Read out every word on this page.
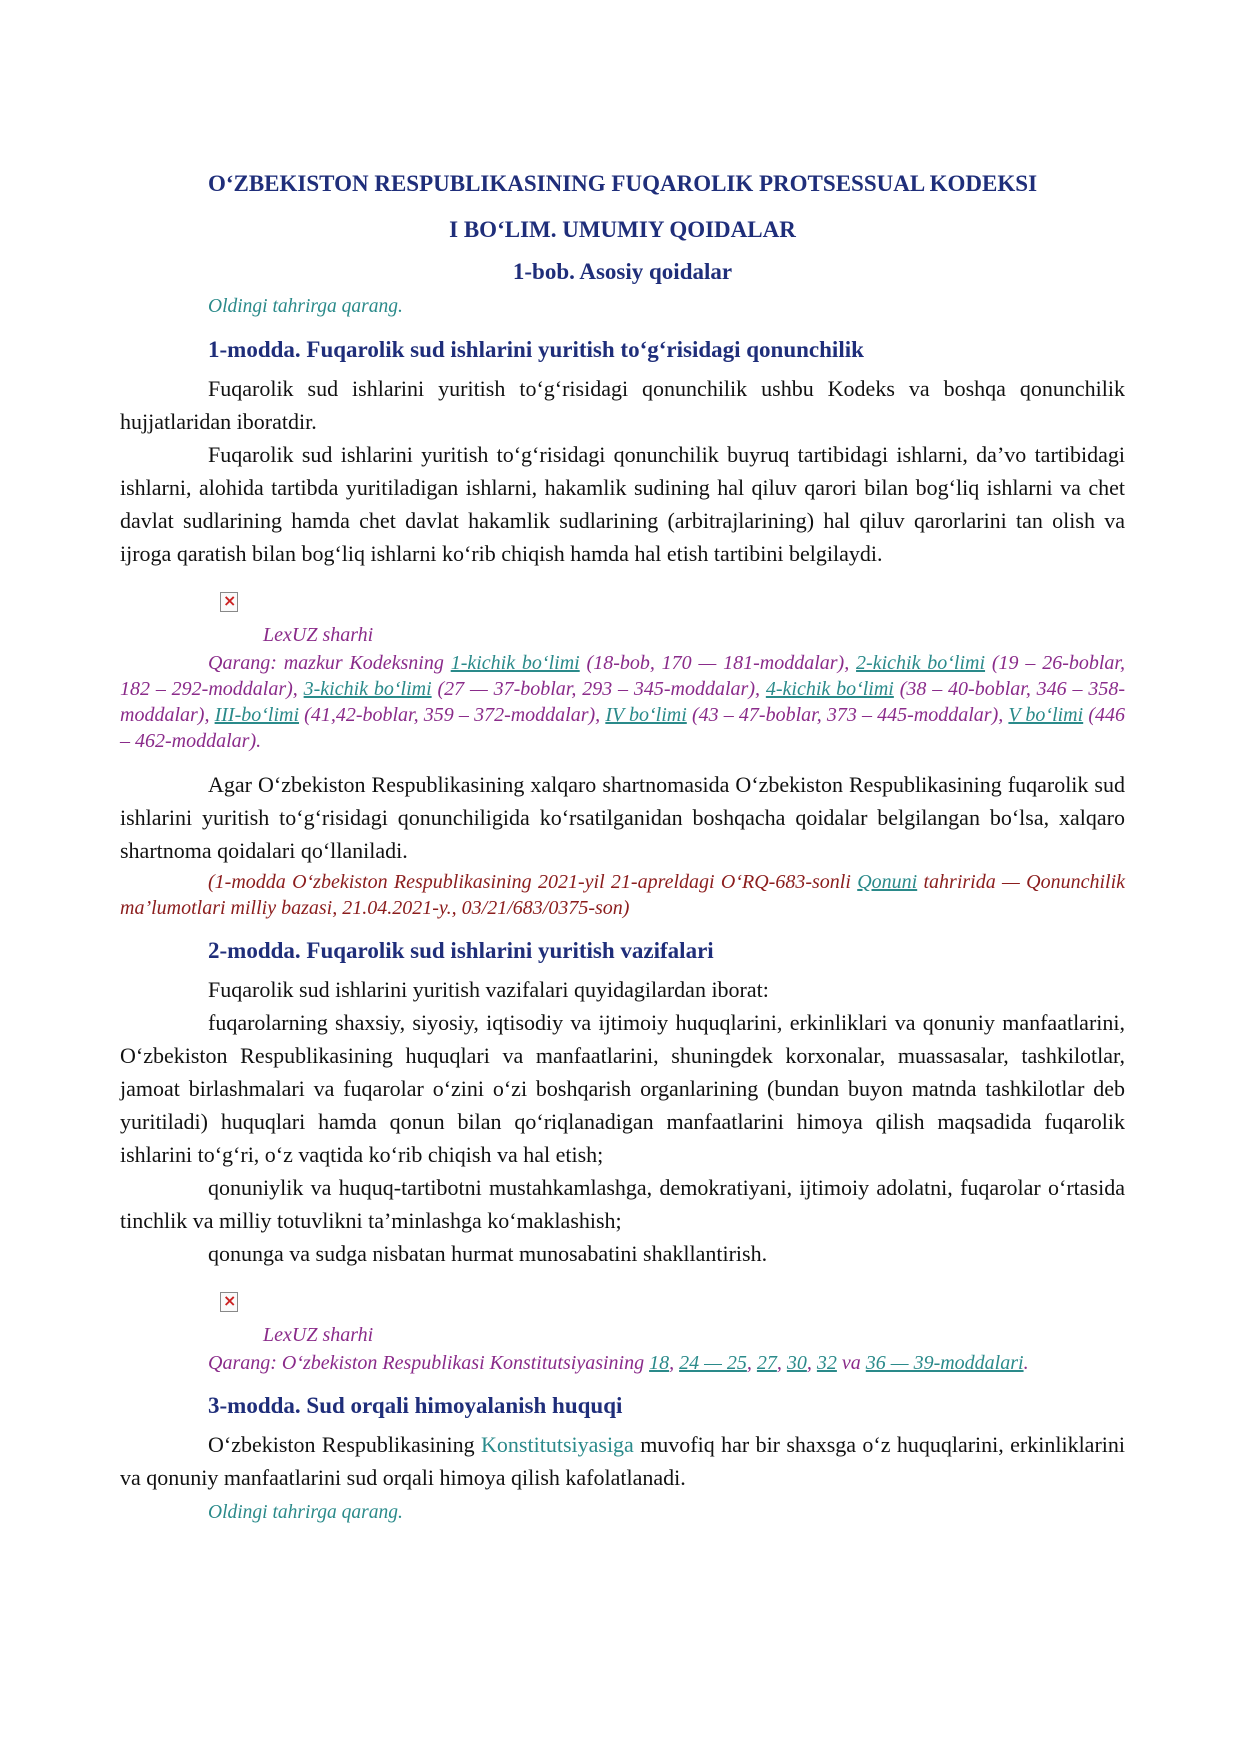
O‘ZBEKISTON RESPUBLIKASINING FUQAROLIK PROTSESSUAL KODEKSI
I BO‘LIM. UMUMIY QOIDALAR
1-bob. Asosiy qoidalar
Oldingi tahrirga qarang.
1-modda. Fuqarolik sud ishlarini yuritish to‘g‘risidagi qonunchilik

Fuqarolik sud ishlarini yuritish to‘g‘risidagi qonunchilik ushbu Kodeks va boshqa qonunchilik hujjatlaridan iboratdir.

Fuqarolik sud ishlarini yuritish to‘g‘risidagi qonunchilik buyruq tartibidagi ishlarni, da’vo tartibidagi ishlarni, alohida tartibda yuritiladigan ishlarni, hakamlik sudining hal qiluv qarori bilan bog‘liq ishlarni va chet davlat sudlarining hamda chet davlat hakamlik sudlarining (arbitrajlarining) hal qiluv qarorlarini tan olish va ijroga qaratish bilan bog‘liq ishlarni ko‘rib chiqish hamda hal etish tartibini belgilaydi.

×
LexUZ sharhi

Qarang: mazkur Kodeksning 1-kichik bo‘limi (18-bob, 170 — 181-moddalar), 2-kichik bo‘limi (19 – 26-boblar, 182 – 292-moddalar), 3-kichik bo‘limi (27 — 37-boblar, 293 – 345-moddalar), 4-kichik bo‘limi (38 – 40-boblar, 346 – 358-moddalar), III-bo‘limi (41,42-boblar, 359 – 372-moddalar), IV bo‘limi (43 – 47-boblar, 373 – 445-moddalar), V bo‘limi (446 – 462-moddalar).

Agar O‘zbekiston Respublikasining xalqaro shartnomasida O‘zbekiston Respublikasining fuqarolik sud ishlarini yuritish to‘g‘risidagi qonunchiligida ko‘rsatilganidan boshqacha qoidalar belgilangan bo‘lsa, xalqaro shartnoma qoidalari qo‘llaniladi.

(1-modda O‘zbekiston Respublikasining 2021-yil 21-apreldagi O‘RQ-683-sonli Qonuni tahririda — Qonunchilik ma’lumotlari milliy bazasi, 21.04.2021-y., 03/21/683/0375-son)

2-modda. Fuqarolik sud ishlarini yuritish vazifalari

Fuqarolik sud ishlarini yuritish vazifalari quyidagilardan iborat:

fuqarolarning shaxsiy, siyosiy, iqtisodiy va ijtimoiy huquqlarini, erkinliklari va qonuniy manfaatlarini, O‘zbekiston Respublikasining huquqlari va manfaatlarini, shuningdek korxonalar, muassasalar, tashkilotlar, jamoat birlashmalari va fuqarolar o‘zini o‘zi boshqarish organlarining (bundan buyon matnda tashkilotlar deb yuritiladi) huquqlari hamda qonun bilan qo‘riqlanadigan manfaatlarini himoya qilish maqsadida fuqarolik ishlarini to‘g‘ri, o‘z vaqtida ko‘rib chiqish va hal etish;

qonuniylik va huquq-tartibotni mustahkamlashga, demokratiyani, ijtimoiy adolatni, fuqarolar o‘rtasida tinchlik va milliy totuvlikni ta’minlashga ko‘maklashish;

qonunga va sudga nisbatan hurmat munosabatini shakllantirish.

×
LexUZ sharhi

Qarang: O‘zbekiston Respublikasi Konstitutsiyasining 18, 24 — 25, 27, 30, 32 va 36 — 39-moddalari.

3-modda. Sud orqali himoyalanish huquqi

O‘zbekiston Respublikasining Konstitutsiyasiga muvofiq har bir shaxsga o‘z huquqlarini, erkinliklarini va qonuniy manfaatlarini sud orqali himoya qilish kafolatlanadi.

Oldingi tahrirga qarang.
